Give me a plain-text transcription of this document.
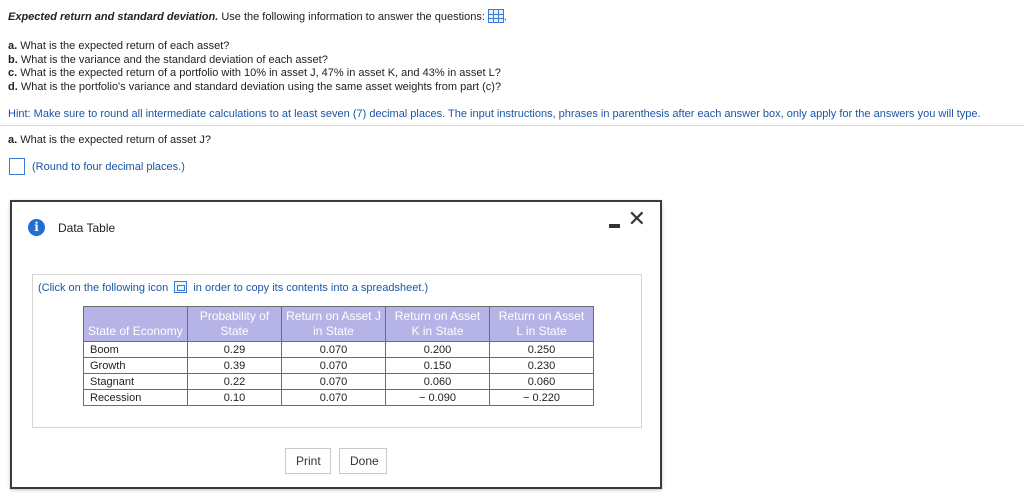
Expected return and standard deviation. Use the following information to answer the questions: .
a. What is the expected return of each asset?
b. What is the variance and the standard deviation of each asset?
c. What is the expected return of a portfolio with 10% in asset J, 47% in asset K, and 43% in asset L?
d. What is the portfolio's variance and standard deviation using the same asset weights from part (c)?
Hint: Make sure to round all intermediate calculations to at least seven (7) decimal places. The input instructions, phrases in parenthesis after each answer box, only apply for the answers you will type.
a. What is the expected return of asset J?
(Round to four decimal places.)
i	Data Table	✕
(Click on the following icon in order to copy its contents into a spreadsheet.)
State of Economy	Probability of State	Return on Asset J in State	Return on Asset K in State	Return on Asset L in State
Boom	0.29	0.070	0.200	0.250
Growth	0.39	0.070	0.150	0.230
Stagnant	0.22	0.070	0.060	0.060
Recession	0.10	0.070	− 0.090	− 0.220
Print	Done
